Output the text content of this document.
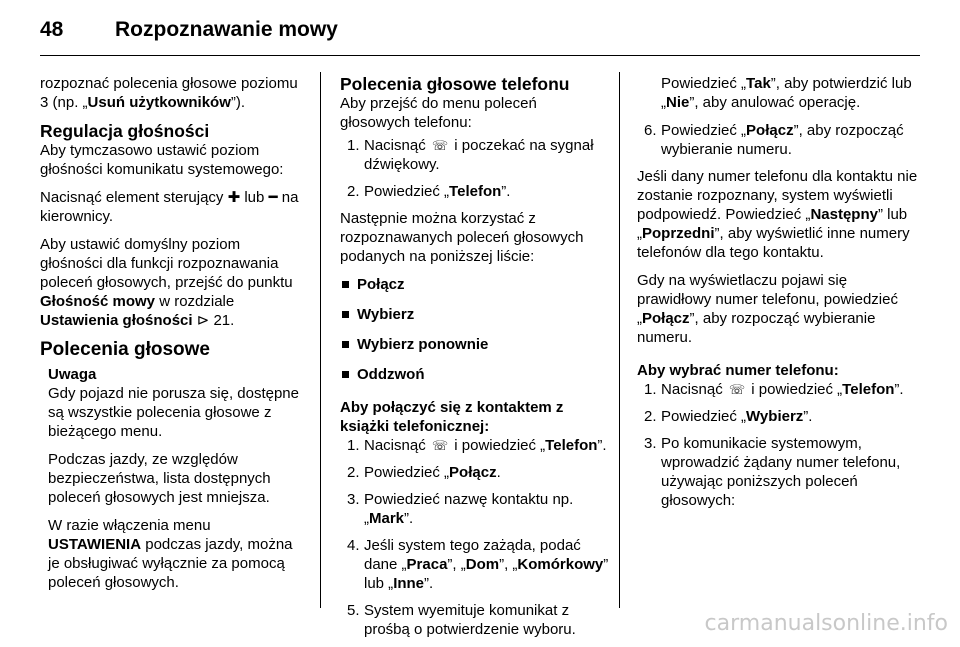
48 Rozpoznawanie mowy

rozpoznać polecenia głosowe poziomu 3 (np. „Usuń użytkowników”).

Regulacja głośności

Aby tymczasowo ustawić poziom głośności komunikatu systemowego:

Nacisnąć element sterujący ✚ lub ━ na kierownicy.

Aby ustawić domyślny poziom głośności dla funkcji rozpoznawania poleceń głosowych, przejść do punktu Głośność mowy w rozdziale Ustawienia głośności ⊳ 21.

Polecenia głosowe

Uwaga

Gdy pojazd nie porusza się, dostępne są wszystkie polecenia głosowe z bieżącego menu.

Podczas jazdy, ze względów bezpieczeństwa, lista dostępnych poleceń głosowych jest mniejsza.

W razie włączenia menu USTAWIENIA podczas jazdy, można je obsługiwać wyłącznie za pomocą poleceń głosowych.

Polecenia głosowe telefonu

Aby przejść do menu poleceń głosowych telefonu:

1. Nacisnąć ☏ i poczekać na sygnał dźwiękowy.
2. Powiedzieć „Telefon”.

Następnie można korzystać z rozpoznawanych poleceń głosowych podanych na poniższej liście:

Połącz
Wybierz
Wybierz ponownie
Oddzwoń
Aby połączyć się z kontaktem z książki telefonicznej:
1. Nacisnąć ☏ i powiedzieć „Telefon”.
2. Powiedzieć „Połącz.
3. Powiedzieć nazwę kontaktu np. „Mark”.
4. Jeśli system tego zażąda, podać dane „Praca”, „Dom”, „Komórkowy” lub „Inne”.
5. System wyemituje komunikat z prośbą o potwierdzenie wyboru.

Powiedzieć „Tak”, aby potwierdzić lub „Nie”, aby anulować operację.

6. Powiedzieć „Połącz”, aby rozpocząć wybieranie numeru.

Jeśli dany numer telefonu dla kontaktu nie zostanie rozpoznany, system wyświetli podpowiedź. Powiedzieć „Następny” lub „Poprzedni”, aby wyświetlić inne numery telefonów dla tego kontaktu.

Gdy na wyświetlaczu pojawi się prawidłowy numer telefonu, powiedzieć „Połącz”, aby rozpocząć wybieranie numeru.

Aby wybrać numer telefonu:
1. Nacisnąć ☏ i powiedzieć „Telefon”.
2. Powiedzieć „Wybierz”.
3. Po komunikacie systemowym, wprowadzić żądany numer telefonu, używając poniższych poleceń głosowych:
carmanualsonline.info
